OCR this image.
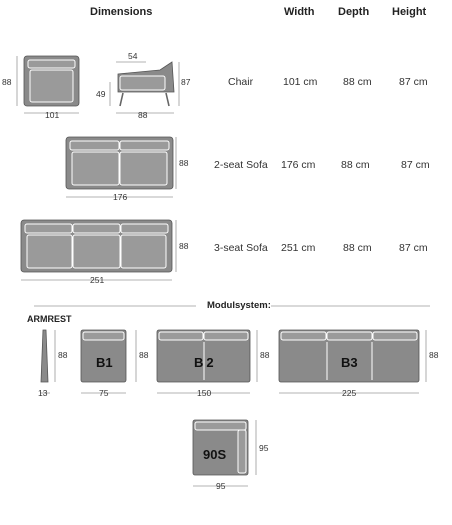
Dimensions	Width Depth Height
Chair	101 cm 88 cm	87 cm
2-seat Sofa 176 cm 88 cm	87 cm
3-seat Sofa 251 cm	88 cm	87 cm
88
101
54
87
49
88
88
176
88
251
Modulsystem:
ARMREST
88
13
B1	88
75
B2	88
150
B3	88
225
90S	95
95
